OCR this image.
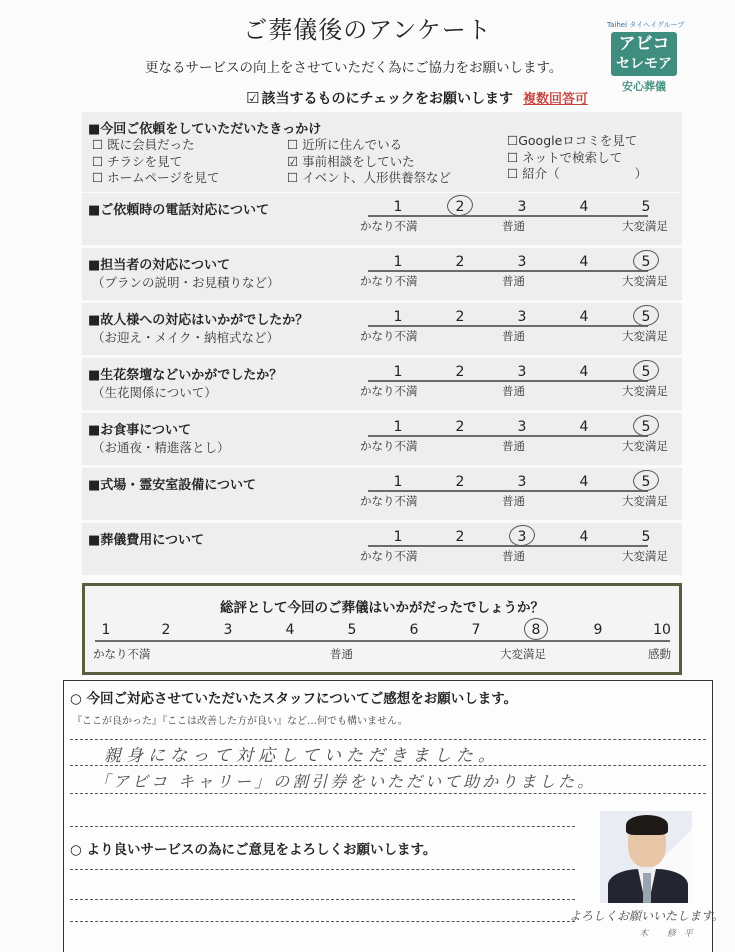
ご葬儀後のアンケート
更なるサービスの向上をさせていただく為にご協力をお願いします。
☑ 該当するものにチェックをお願いします 複数回答可
Taihei タイヘイグループ
アビコ
セレモア
安心葬儀
■今回ご依頼をしていただいたきっかけ
☐ 既に会員だった
☐ チラシを見て
☐ ホームページを見て
☐ 近所に住んでいる
☑ 事前相談をしていた
☐ イベント、人形供養祭など
☐Googleロコミを見て
☐ ネットで検索して
☐ 紹介（　　　　　　）
■ご依頼時の電話対応について	1	2	3	4	5
かなり不満	普通	大変満足
■担当者の対応について
（プランの説明・お見積りなど）
1	2	3	4	5
かなり不満	普通	大変満足
■故人様への対応はいかがでしたか？
（お迎え・メイク・納棺式など）
1	2	3	4	5
かなり不満	普通	大変満足
■生花祭壇などいかがでしたか？
（生花関係について）
1	2	3	4	5
かなり不満	普通	大変満足
■お食事について
（お通夜・精進落とし）
1	2	3	4	5
かなり不満	普通	大変満足
■式場・霊安室設備について	1	2	3	4	5
かなり不満	普通	大変満足
■葬儀費用について	1	2	3	4	5
かなり不満	普通	大変満足
総評として今回のご葬儀はいかがだったでしょうか？
1	2	3	4	5	6	7	8	9	10
かなり不満	普通	大変満足	感動
○ 今回ご対応させていただいたスタッフについてご感想をお願いします。
『ここが良かった』『ここは改善した方が良い』など…何でも構いません。
親身になって対応していただきました。
「アビコ キャリー」の割引券をいただいて助かりました。
○ より良いサービスの為にご意見をよろしくお願いします。
よろしくお願いいたします。
木 修平
